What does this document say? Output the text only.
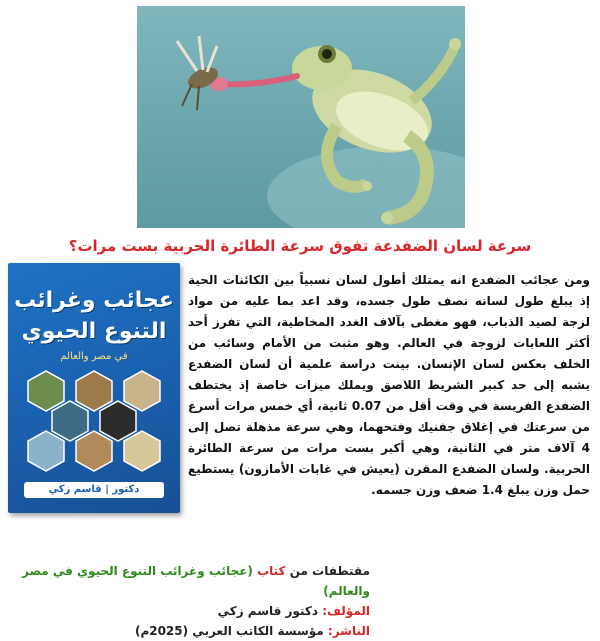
سرعة لسان الضفدعة تفوق سرعة الطائرة الحربية بست مرات؟
عجائب وغرائب
التنوع الحيوي
في مصر والعالم
دكتور | قاسم زكي
ومن عجائب الضفدع انه يمتلك أطول لسان نسبياً بين الكائنات الحية إذ يبلغ طول لسانه نصف طول جسده، وقد اعد بما عليه من مواد لزجة لصيد الذباب، فهو مغطى بآلاف الغدد المخاطية، التي تفرز أحد أكثر اللعابات لزوجة في العالم. وهو مثبت من الأمام وسائب من الخلف بعكس لسان الإنسان. بينت دراسة علمية أن لسان الضفدع يشبه إلى حد كبير الشريط اللاصق ويملك ميزات خاصة إذ يختطف الضفدع الفريسة في وقت أقل من 0.07 ثانية، أي خمس مرات أسرع من سرعتك في إغلاق جفنيك وفتحهما، وهي سرعة مذهلة تصل إلى 4 آلاف متر في الثانية، وهي أكبر بست مرات من سرعة الطائرة الحربية. ولسان الضفدع المقرن (يعيش في غابات الأمازون) يستطيع حمل وزن يبلغ 1.4 ضعف وزن جسمه.
مقتطفات من كتاب (عجائب وغرائب التنوع الحيوي في مصر والعالم)
المؤلف: دكتور قاسم زكي
الناشر: مؤسسة الكاتب العربي (2025م)
